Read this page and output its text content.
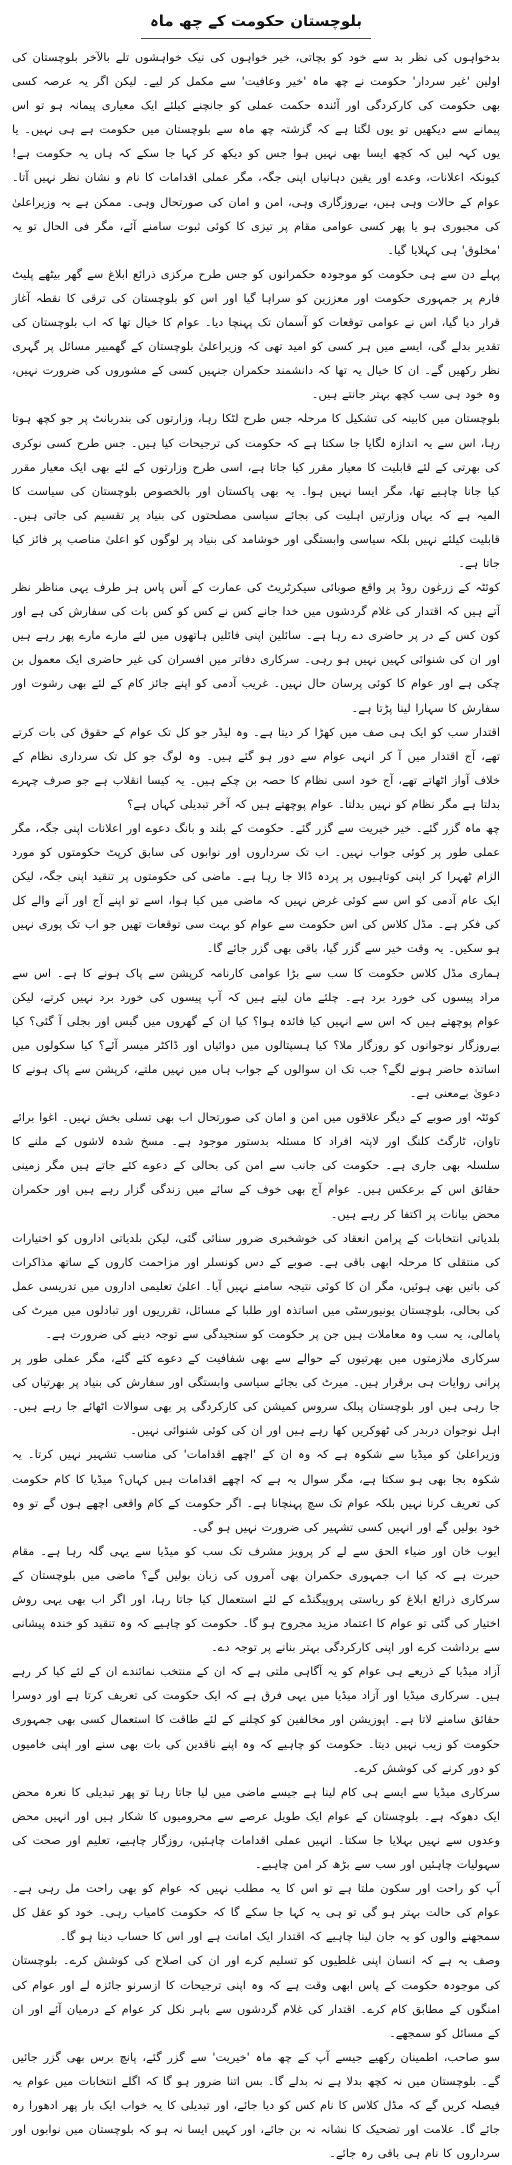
بلوچستان حکومت کے چھ ماہ

بدخواہوں کی نظر بد سے خود کو بچاتی، خیر خواہوں کی نیک خواہشوں تلے بالآخر بلوچستان کی اولین 'غیر سردار' حکومت نے چھ ماہ 'خیر وعافیت' سے مکمل کر لیے۔ لیکن اگر یہ عرصہ کسی بھی حکومت کی کارکردگی اور آئندہ حکمت عملی کو جانچنے کیلئے ایک معیاری پیمانہ ہو تو اس پیمانے سے دیکھیں تو یوں لگتا ہے کہ گزشتہ چھ ماہ سے بلوچستان میں حکومت ہے ہی نہیں۔ یا یوں کہہ لیں کہ کچھ ایسا بھی نہیں ہوا جس کو دیکھ کر کہا جا سکے کہ ہاں یہ حکومت ہے! کیونکہ اعلانات، وعدے اور یقین دہانیاں اپنی جگہ، مگر عملی اقدامات کا نام و نشان نظر نہیں آتا۔ عوام کے حالات وہی ہیں، بےروزگاری وہی، امن و امان کی صورتحال وہی۔ ممکن ہے یہ وزیراعلیٰ کی مجبوری ہو یا پھر کسی عوامی مقام پر تیزی کا کوئی ثبوت سامنے آئے، مگر فی الحال تو یہ 'مخلوق' ہی کہلایا گیا۔

پہلے دن سے ہی حکومت کو موجودہ حکمرانوں کو جس طرح مرکزی ذرائع ابلاغ سے گھر بیٹھے پلیٹ فارم پر جمہوری حکومت اور معززین کو سراہا گیا اور اس کو بلوچستان کی ترقی کا نقطہ آغاز قرار دیا گیا، اس نے عوامی توقعات کو آسمان تک پہنچا دیا۔ عوام کا خیال تھا کہ اب بلوچستان کی تقدیر بدلے گی، ایسے میں ہر کسی کو امید تھی کہ وزیراعلیٰ بلوچستان کے گھمبیر مسائل پر گہری نظر رکھیں گے۔ ان کا خیال یہ تھا کہ دانشمند حکمران جنہیں کسی کے مشوروں کی ضرورت نہیں، وہ خود ہی سب کچھ بہتر جانتے ہیں۔

بلوچستان میں کابینہ کی تشکیل کا مرحلہ جس طرح لٹکا رہا، وزارتوں کی بندربانٹ پر جو کچھ ہوتا رہا، اس سے یہ اندازہ لگایا جا سکتا ہے کہ حکومت کی ترجیحات کیا ہیں۔ جس طرح کسی نوکری کی بھرتی کے لئے قابلیت کا معیار مقرر کیا جاتا ہے، اسی طرح وزارتوں کے لئے بھی ایک معیار مقرر کیا جانا چاہیے تھا، مگر ایسا نہیں ہوا۔ یہ بھی پاکستان اور بالخصوص بلوچستان کی سیاست کا المیہ ہے کہ یہاں وزارتیں اہلیت کی بجائے سیاسی مصلحتوں کی بنیاد پر تقسیم کی جاتی ہیں۔ قابلیت کیلئے نہیں بلکہ سیاسی وابستگی اور خوشامد کی بنیاد پر لوگوں کو اعلیٰ مناصب پر فائز کیا جاتا ہے۔

کوئٹہ کے زرغون روڈ پر واقع صوبائی سیکرٹریٹ کی عمارت کے آس پاس ہر طرف یہی مناظر نظر آتے ہیں کہ اقتدار کی غلام گردشوں میں خدا جانے کس نے کس کو کس بات کی سفارش کی ہے اور کون کس کے در پر حاضری دے رہا ہے۔ سائلین اپنی فائلیں ہاتھوں میں لئے مارے مارے پھر رہے ہیں اور ان کی شنوائی کہیں نہیں ہو رہی۔ سرکاری دفاتر میں افسران کی غیر حاضری ایک معمول بن چکی ہے اور عوام کا کوئی پرسان حال نہیں۔ غریب آدمی کو اپنے جائز کام کے لئے بھی رشوت اور سفارش کا سہارا لینا پڑتا ہے۔

اقتدار سب کو ایک ہی صف میں کھڑا کر دیتا ہے۔ وہ لیڈر جو کل تک عوام کے حقوق کی بات کرتے تھے، آج اقتدار میں آ کر انہی عوام سے دور ہو گئے ہیں۔ وہ لوگ جو کل تک سرداری نظام کے خلاف آواز اٹھاتے تھے، آج خود اسی نظام کا حصہ بن چکے ہیں۔ یہ کیسا انقلاب ہے جو صرف چہرے بدلتا ہے مگر نظام کو نہیں بدلتا۔ عوام پوچھتے ہیں کہ آخر تبدیلی کہاں ہے؟

چھ ماہ گزر گئے۔ خیر خیریت سے گزر گئے۔ حکومت کے بلند و بانگ دعوے اور اعلانات اپنی جگہ، مگر عملی طور پر کوئی جواب نہیں۔ اب تک سرداروں اور نوابوں کی سابق کرپٹ حکومتوں کو مورد الزام ٹھہرا کر اپنی کوتاہیوں پر پردہ ڈالا جا رہا ہے۔ ماضی کی حکومتوں پر تنقید اپنی جگہ، لیکن ایک عام آدمی کو اس سے کوئی غرض نہیں کہ ماضی میں کیا ہوا، اسے تو اپنے آج اور آنے والے کل کی فکر ہے۔ مڈل کلاس کی اس حکومت سے عوام کو بہت سی توقعات تھیں جو اب تک پوری نہیں ہو سکیں۔ یہ وقت خیر سے گزر گیا، باقی بھی گزر جائے گا۔

ہماری مڈل کلاس حکومت کا سب سے بڑا عوامی کارنامہ کرپشن سے پاک ہونے کا ہے۔ اس سے مراد پیسوں کی خورد برد ہے۔ چلئے مان لیتے ہیں کہ آپ پیسوں کی خورد برد نہیں کرتے، لیکن عوام پوچھتے ہیں کہ اس سے انہیں کیا فائدہ ہوا؟ کیا ان کے گھروں میں گیس اور بجلی آ گئی؟ کیا بےروزگار نوجوانوں کو روزگار ملا؟ کیا ہسپتالوں میں دوائیاں اور ڈاکٹر میسر آئے؟ کیا سکولوں میں اساتذہ حاضر ہونے لگے؟ جب تک ان سوالوں کے جواب ہاں میں نہیں ملتے، کرپشن سے پاک ہونے کا دعویٰ بےمعنی ہے۔

کوئٹہ اور صوبے کے دیگر علاقوں میں امن و امان کی صورتحال اب بھی تسلی بخش نہیں۔ اغوا برائے تاوان، ٹارگٹ کلنگ اور لاپتہ افراد کا مسئلہ بدستور موجود ہے۔ مسخ شدہ لاشوں کے ملنے کا سلسلہ بھی جاری ہے۔ حکومت کی جانب سے امن کی بحالی کے دعوے کئے جاتے ہیں مگر زمینی حقائق اس کے برعکس ہیں۔ عوام آج بھی خوف کے سائے میں زندگی گزار رہے ہیں اور حکمران محض بیانات پر اکتفا کر رہے ہیں۔

بلدیاتی انتخابات کے پرامن انعقاد کی خوشخبری ضرور سنائی گئی، لیکن بلدیاتی اداروں کو اختیارات کی منتقلی کا مرحلہ ابھی باقی ہے۔ صوبے کے دس کونسلر اور مزاحمت کاروں کے ساتھ مذاکرات کی باتیں بھی ہوئیں، مگر ان کا کوئی نتیجہ سامنے نہیں آیا۔ اعلیٰ تعلیمی اداروں میں تدریسی عمل کی بحالی، بلوچستان یونیورسٹی میں اساتذہ اور طلبا کے مسائل، تقرریوں اور تبادلوں میں میرٹ کی پامالی، یہ سب وہ معاملات ہیں جن پر حکومت کو سنجیدگی سے توجہ دینے کی ضرورت ہے۔

سرکاری ملازمتوں میں بھرتیوں کے حوالے سے بھی شفافیت کے دعوے کئے گئے، مگر عملی طور پر پرانی روایات ہی برقرار ہیں۔ میرٹ کی بجائے سیاسی وابستگی اور سفارش کی بنیاد پر بھرتیاں کی جا رہی ہیں اور بلوچستان پبلک سروس کمیشن کی کارکردگی پر بھی سوالات اٹھائے جا رہے ہیں۔ اہل نوجوان دربدر کی ٹھوکریں کھا رہے ہیں اور ان کی کوئی شنوائی نہیں۔

وزیراعلیٰ کو میڈیا سے شکوہ ہے کہ وہ ان کے 'اچھے اقدامات' کی مناسب تشہیر نہیں کرتا۔ یہ شکوہ بجا بھی ہو سکتا ہے، مگر سوال یہ ہے کہ اچھے اقدامات ہیں کہاں؟ میڈیا کا کام حکومت کی تعریف کرنا نہیں بلکہ عوام تک سچ پہنچانا ہے۔ اگر حکومت کے کام واقعی اچھے ہوں گے تو وہ خود بولیں گے اور انہیں کسی تشہیر کی ضرورت نہیں ہو گی۔

ایوب خان اور ضیاء الحق سے لے کر پرویز مشرف تک سب کو میڈیا سے یہی گلہ رہا ہے۔ مقام حیرت ہے کہ کیا اب جمہوری حکمران بھی آمروں کی زبان بولیں گے؟ ماضی میں بلوچستان کے سرکاری ذرائع ابلاغ کو ریاستی پروپیگنڈے کے لئے استعمال کیا جاتا رہا، اور اگر اب بھی یہی روش اختیار کی گئی تو عوام کا اعتماد مزید مجروح ہو گا۔ حکومت کو چاہیے کہ وہ تنقید کو خندہ پیشانی سے برداشت کرے اور اپنی کارکردگی بہتر بنانے پر توجہ دے۔

آزاد میڈیا کے ذریعے ہی عوام کو یہ آگاہی ملتی ہے کہ ان کے منتخب نمائندے ان کے لئے کیا کر رہے ہیں۔ سرکاری میڈیا اور آزاد میڈیا میں یہی فرق ہے کہ ایک حکومت کی تعریف کرتا ہے اور دوسرا حقائق سامنے لاتا ہے۔ اپوزیشن اور مخالفین کو کچلنے کے لئے طاقت کا استعمال کسی بھی جمہوری حکومت کو زیب نہیں دیتا۔ حکومت کو چاہیے کہ وہ اپنے ناقدین کی بات بھی سنے اور اپنی خامیوں کو دور کرنے کی کوشش کرے۔

سرکاری میڈیا سے ایسے ہی کام لینا ہے جیسے ماضی میں لیا جاتا رہا تو پھر تبدیلی کا نعرہ محض ایک دھوکہ ہے۔ بلوچستان کے عوام ایک طویل عرصے سے محرومیوں کا شکار ہیں اور انہیں محض وعدوں سے نہیں بہلایا جا سکتا۔ انہیں عملی اقدامات چاہئیں، روزگار چاہیے، تعلیم اور صحت کی سہولیات چاہئیں اور سب سے بڑھ کر امن چاہیے۔

آپ کو راحت اور سکون ملتا ہے تو اس کا یہ مطلب نہیں کہ عوام کو بھی راحت مل رہی ہے۔ عوام کی حالت بہتر ہو گی تو ہی یہ کہا جا سکے گا کہ حکومت کامیاب رہی۔ خود کو عقل کل سمجھنے والوں کو یہ جان لینا چاہیے کہ اقتدار ایک امانت ہے اور اس کا حساب دینا ہو گا۔

وصف یہ ہے کہ انسان اپنی غلطیوں کو تسلیم کرے اور ان کی اصلاح کی کوشش کرے۔ بلوچستان کی موجودہ حکومت کے پاس ابھی وقت ہے کہ وہ اپنی ترجیحات کا ازسرنو جائزہ لے اور عوام کی امنگوں کے مطابق کام کرے۔ اقتدار کی غلام گردشوں سے باہر نکل کر عوام کے درمیان آئے اور ان کے مسائل کو سمجھے۔

سو صاحب، اطمینان رکھیے جیسے آپ کے چھ ماہ 'خیریت' سے گزر گئے، پانچ برس بھی گزر جائیں گے۔ بلوچستان میں نہ کچھ بدلا ہے نہ بدلے گا۔ بس اتنا ضرور ہو گا کہ اگلے انتخابات میں عوام یہ فیصلہ کریں گے کہ مڈل کلاس کا نام کس کو دیا جائے، اور تبدیلی کا یہ خواب ایک بار پھر ادھورا رہ جائے گا۔ علامت اور تضحیک کا نشانہ نہ بن جائے، اور کہیں ایسا نہ ہو کہ بلوچستان میں نوابوں اور سرداروں کا نام ہی باقی رہ جائے۔
